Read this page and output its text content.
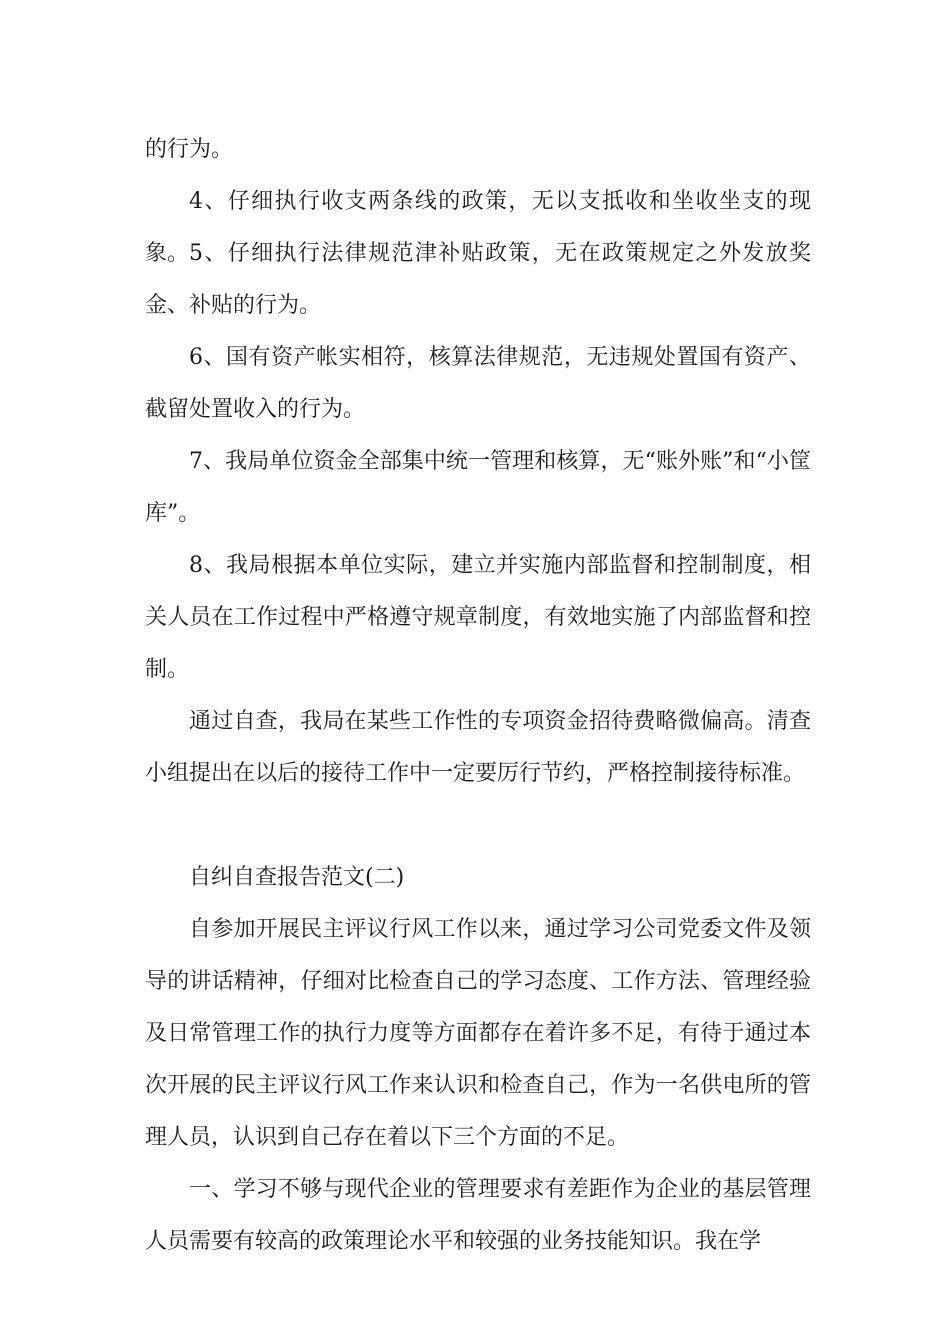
的行为。

4、仔细执行收支两条线的政策，无以支抵收和坐收坐支的现象。 5、仔细执行法律规范津补贴政策，无在政策规定之外发放奖金、补贴的行为。

6、国有资产帐实相符，核算法律规范，无违规处置国有资产、截留处置收入的行为。

7、我局单位资金全部集中统一管理和核算，无“账外账”和“小筐库”。

8、我局根据本单位实际，建立并实施内部监督和控制制度，相关人员在工作过程中严格遵守规章制度，有效地实施了内部监督和控制。

通过自查，我局在某些工作性的专项资金招待费略微偏高。清查小组提出在以后的接待工作中一定要厉行节约，严格控制接待标准。

自纠自查报告范文(二)

自参加开展民主评议行风工作以来，通过学习公司党委文件及领导的讲话精神，仔细对比检查自己的学习态度、工作方法、管理经验及日常管理工作的执行力度等方面都存在着许多不足，有待于通过本次开展的民主评议行风工作来认识和检查自己，作为一名供电所的管理人员，认识到自己存在着以下三个方面的不足。

一、学习不够与现代企业的管理要求有差距作为企业的基层管理人员需要有较高的政策理论水平和较强的业务技能知识。我在学
